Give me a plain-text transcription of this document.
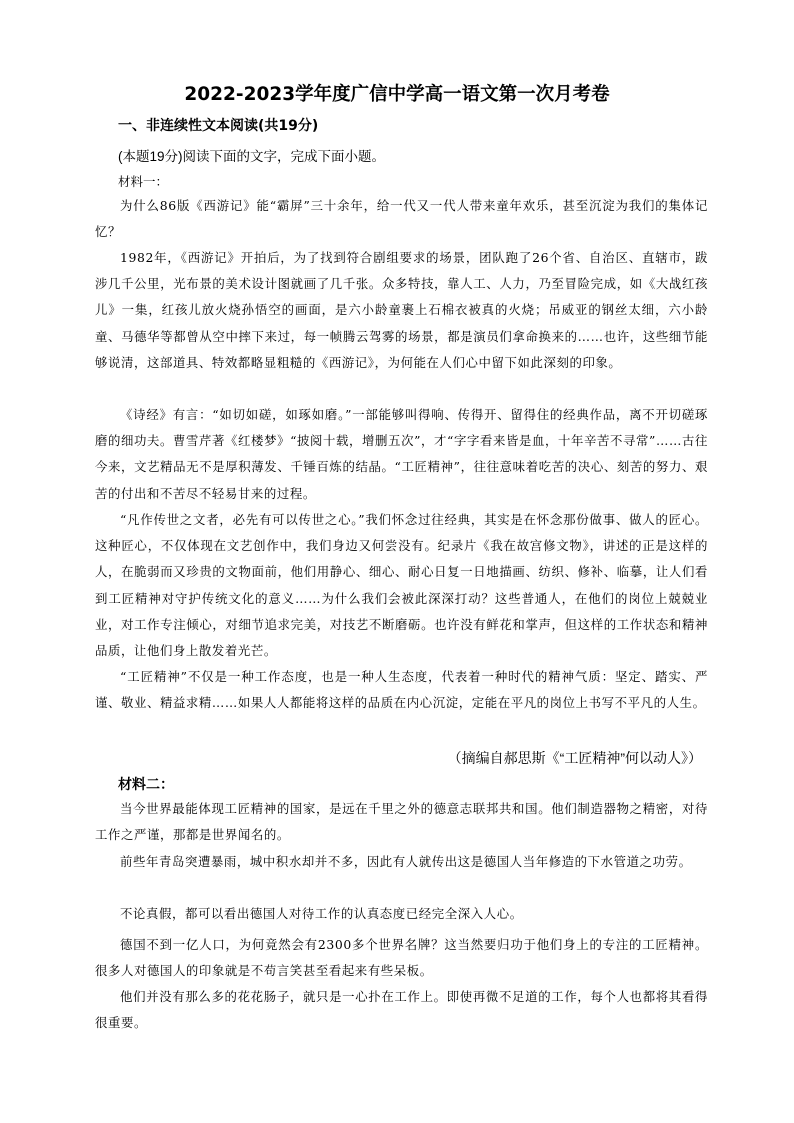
2022-2023学年度广信中学高一语文第一次月考卷
一、非连续性文本阅读(共19分)
(本题19分)阅读下面的文字，完成下面小题。
材料一：

为什么86版《西游记》能“霸屏”三十余年，给一代又一代人带来童年欢乐，甚至沉淀为我们的集体记忆？

1982年，《西游记》开拍后，为了找到符合剧组要求的场景，团队跑了26个省、自治区、直辖市，跋涉几千公里，光布景的美术设计图就画了几千张。众多特技，靠人工、人力，乃至冒险完成，如《大战红孩儿》一集，红孩儿放火烧孙悟空的画面，是六小龄童裹上石棉衣被真的火烧；吊威亚的钢丝太细，六小龄童、马德华等都曾从空中摔下来过，每一帧腾云驾雾的场景，都是演员们拿命换来的……也许，这些细节能够说清，这部道具、特效都略显粗糙的《西游记》，为何能在人们心中留下如此深刻的印象。

《诗经》有言：“如切如磋，如琢如磨。”一部能够叫得响、传得开、留得住的经典作品，离不开切磋琢磨的细功夫。曹雪芹著《红楼梦》“披阅十载，增删五次”，才“字字看来皆是血，十年辛苦不寻常”……古往今来，文艺精品无不是厚积薄发、千锤百炼的结晶。“工匠精神”，往往意味着吃苦的决心、刻苦的努力、艰苦的付出和不苦尽不轻易甘来的过程。

“凡作传世之文者，必先有可以传世之心。”我们怀念过往经典，其实是在怀念那份做事、做人的匠心。这种匠心，不仅体现在文艺创作中，我们身边又何尝没有。纪录片《我在故宫修文物》，讲述的正是这样的人，在脆弱而又珍贵的文物面前，他们用静心、细心、耐心日复一日地描画、纺织、修补、临摹，让人们看到工匠精神对守护传统文化的意义……为什么我们会被此深深打动？这些普通人，在他们的岗位上兢兢业业，对工作专注倾心，对细节追求完美，对技艺不断磨砺。也许没有鲜花和掌声，但这样的工作状态和精神品质，让他们身上散发着光芒。

“工匠精神”不仅是一种工作态度，也是一种人生态度，代表着一种时代的精神气质：坚定、踏实、严谨、敬业、精益求精……如果人人都能将这样的品质在内心沉淀，定能在平凡的岗位上书写不平凡的人生。

（摘编自郝思斯《“工匠精神”何以动人》）
材料二：

当今世界最能体现工匠精神的国家，是远在千里之外的德意志联邦共和国。他们制造器物之精密，对待工作之严谨，那都是世界闻名的。

前些年青岛突遭暴雨，城中积水却并不多，因此有人就传出这是德国人当年修造的下水管道之功劳。

不论真假，都可以看出德国人对待工作的认真态度已经完全深入人心。

德国不到一亿人口，为何竟然会有2300多个世界名牌？这当然要归功于他们身上的专注的工匠精神。很多人对德国人的印象就是不苟言笑甚至看起来有些呆板。

他们并没有那么多的花花肠子，就只是一心扑在工作上。即使再微不足道的工作，每个人也都将其看得很重要。
